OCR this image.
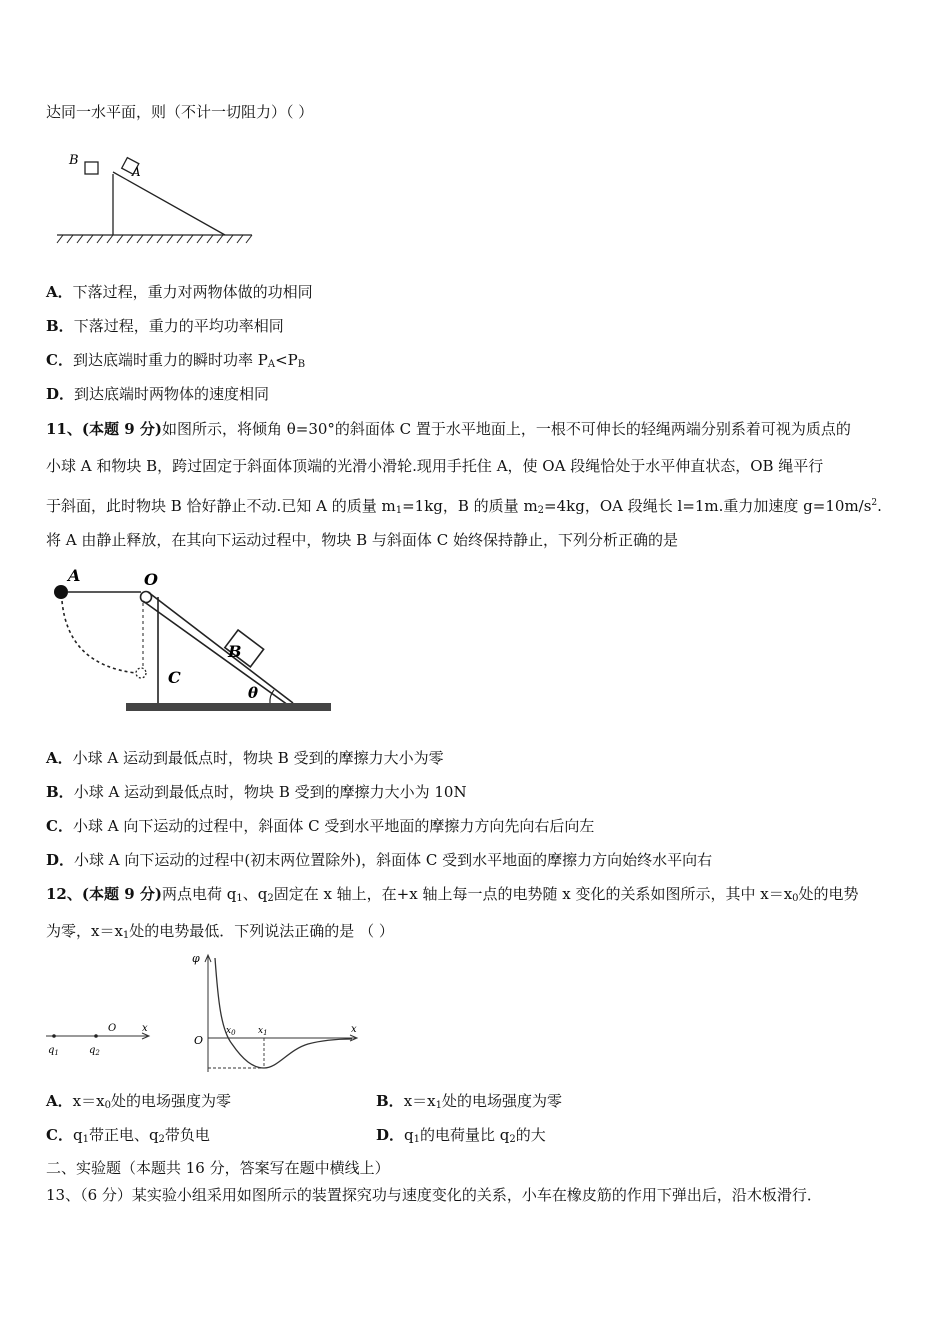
达同一水平面，则（不计一切阻力）（ ）
B
A
A．下落过程，重力对两物体做的功相同
B．下落过程，重力的平均功率相同
C．到达底端时重力的瞬时功率 $P_A<P_B$
D．到达底端时两物体的速度相同
11、(本题 9 分)如图所示，将倾角 θ=30°的斜面体 C 置于水平地面上，一根不可伸长的轻绳两端分别系着可视为质点的
小球 A 和物块 B，跨过固定于斜面体顶端的光滑小滑轮.现用手托住 A，使 OA 段绳恰处于水平伸直状态，OB 绳平行
于斜面，此时物块 B 恰好静止不动.已知 A 的质量 $m_1=1kg$，B 的质量 $m_2=4kg$，OA 段绳长 l=1m.重力加速度 $g=10m/s^2$.
将 A 由静止释放，在其向下运动过程中，物块 B 与斜面体 C 始终保持静止，下列分析正确的是
A	O
B
C
θ
A．小球 A 运动到最低点时，物块 B 受到的摩擦力大小为零
B．小球 A 运动到最低点时，物块 B 受到的摩擦力大小为 10N
C．小球 A 向下运动的过程中，斜面体 C 受到水平地面的摩擦力方向先向右后向左
D．小球 A 向下运动的过程中(初末两位置除外)，斜面体 C 受到水平地面的摩擦力方向始终水平向右
12、(本题 9 分)两点电荷 $q_1$、$q_2$固定在 x 轴上，在+x 轴上每一点的电势随 x 变化的关系如图所示，其中 $x=x_0$处的电势
为零，$x=x_1$处的电势最低．下列说法正确的是 （ ）
O	x
$q_1$	$q_2$
φ
x
O
$x_0$ $x_1$
A．$x=x_0$处的电场强度为零	B．$x=x_1$处的电场强度为零
C．$q_1$带正电、$q_2$带负电	D．$q_1$的电荷量比 $q_2$的大
二、实验题（本题共 16 分，答案写在题中横线上）
13、（6 分）某实验小组采用如图所示的装置探究功与速度变化的关系，小车在橡皮筋的作用下弹出后，沿木板滑行．
